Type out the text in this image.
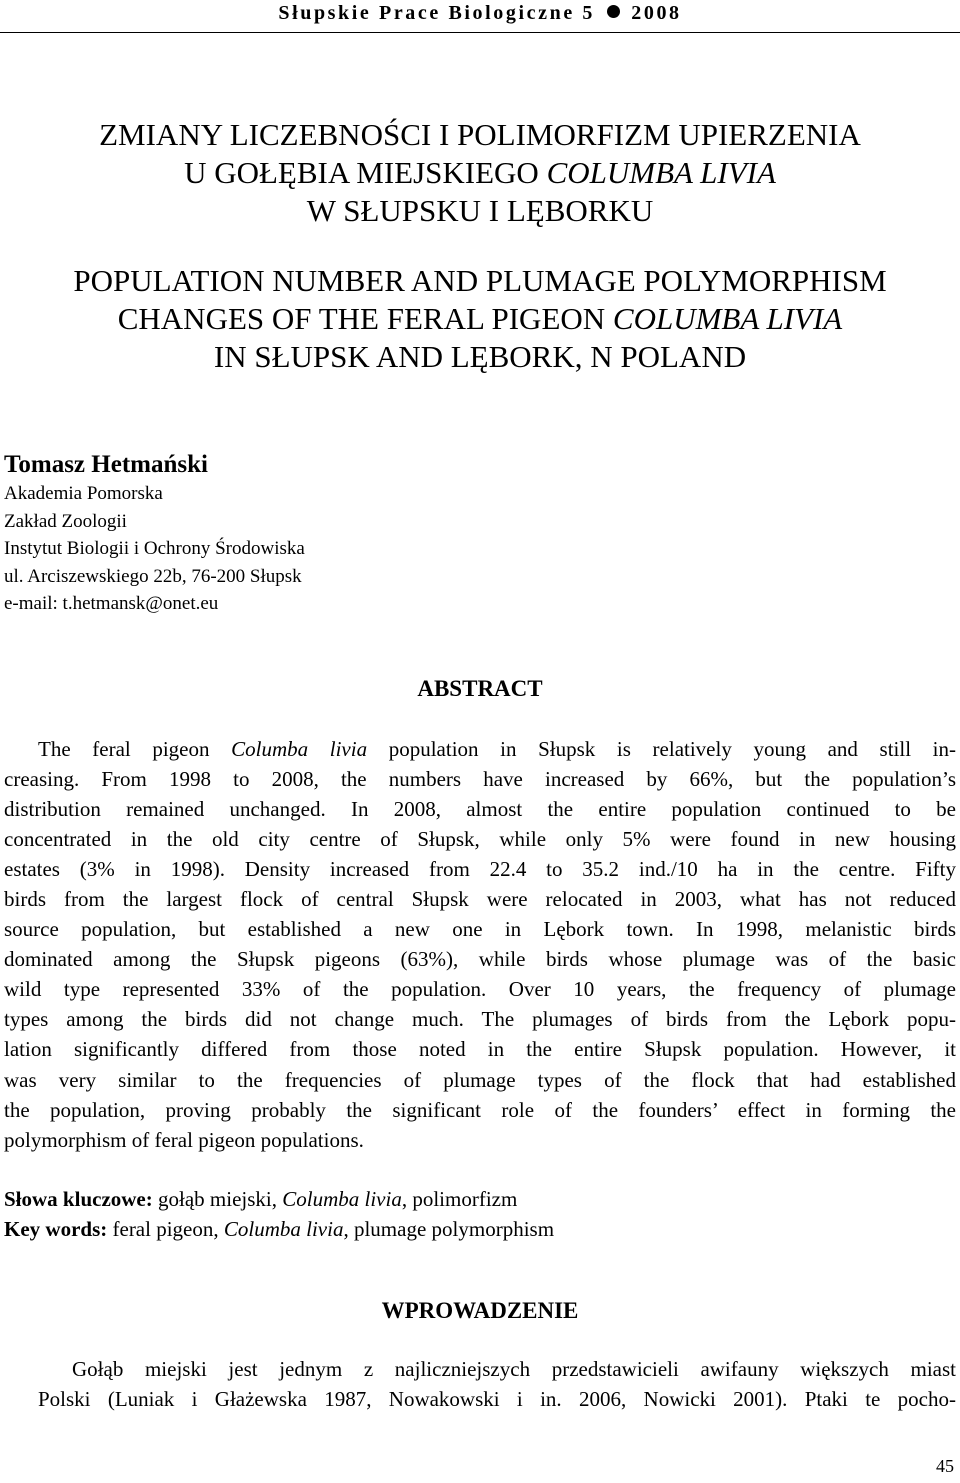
Słupskie Prace Biologiczne 5 2008
ZMIANY LICZEBNOŚCI I POLIMORFIZM UPIERZENIA
U GOŁĘBIA MIEJSKIEGO COLUMBA LIVIA
W SŁUPSKU I LĘBORKU
POPULATION NUMBER AND PLUMAGE POLYMORPHISM
CHANGES OF THE FERAL PIGEON COLUMBA LIVIA
IN SŁUPSK AND LĘBORK, N POLAND
Tomasz Hetmański
Akademia Pomorska
Zakład Zoologii
Instytut Biologii i Ochrony Środowiska
ul. Arciszewskiego 22b, 76-200 Słupsk
e-mail: t.hetmansk@onet.eu
ABSTRACT
The feral pigeon Columba livia population in Słupsk is relatively young and still in-
creasing. From 1998 to 2008, the numbers have increased by 66%, but the population’s
distribution remained unchanged. In 2008, almost the entire population continued to be
concentrated in the old city centre of Słupsk, while only 5% were found in new housing
estates (3% in 1998). Density increased from 22.4 to 35.2 ind./10 ha in the centre. Fifty
birds from the largest flock of central Słupsk were relocated in 2003, what has not reduced
source population, but established a new one in Lębork town. In 1998, melanistic birds
dominated among the Słupsk pigeons (63%), while birds whose plumage was of the basic
wild type represented 33% of the population. Over 10 years, the frequency of plumage
types among the birds did not change much. The plumages of birds from the Lębork popu-
lation significantly differed from those noted in the entire Słupsk population. However, it
was very similar to the frequencies of plumage types of the flock that had established
the population, proving probably the significant role of the founders’ effect in forming the
polymorphism of feral pigeon populations.
Słowa kluczowe: gołąb miejski, Columba livia, polimorfizm
Key words: feral pigeon, Columba livia, plumage polymorphism
WPROWADZENIE
Gołąb miejski jest jednym z najliczniejszych przedstawicieli awifauny większych miast
Polski (Luniak i Głażewska 1987, Nowakowski i in. 2006, Nowicki 2001). Ptaki te pocho-
45
